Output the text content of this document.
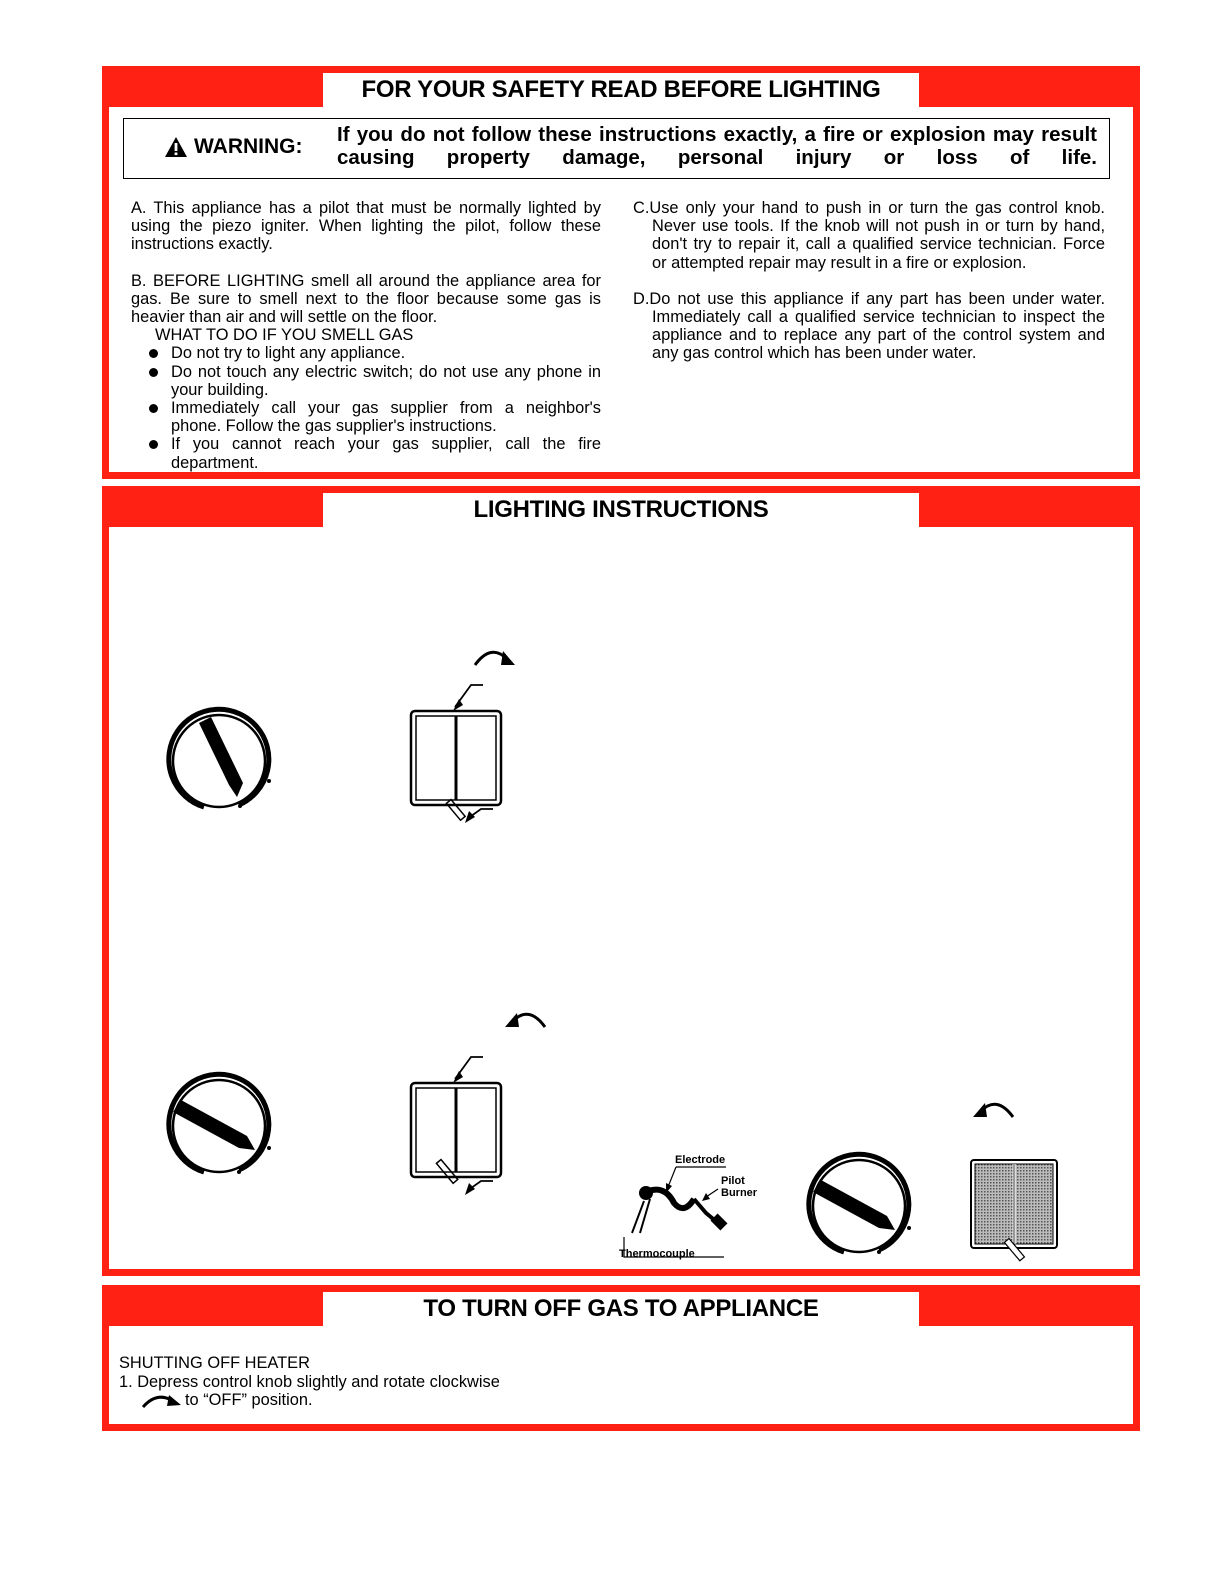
FOR YOUR SAFETY READ BEFORE LIGHTING
WARNING:
If you do not follow these instructions exactly, a fire or explosion may result causing property damage, personal injury or loss of life.

A. This appliance has a pilot that must be normally lighted by using the piezo igniter. When lighting the pilot, follow these instructions exactly.

B. BEFORE LIGHTING smell all around the appliance area for gas. Be sure to smell next to the floor because some gas is heavier than air and will settle on the floor.

WHAT TO DO IF YOU SMELL GAS

Do not try to light any appliance.
Do not touch any electric switch; do not use any phone in your building.
Immediately call your gas supplier from a neighbor's phone. Follow the gas supplier's instructions.
If you cannot reach your gas supplier, call the fire department.

C.Use only your hand to push in or turn the gas control knob. Never use tools. If the knob will not push in or turn by hand, don't try to repair it, call a qualified service technician. Force or attempted repair may result in a fire or explosion.

D.Do not use this appliance if any part has been under water. Immediately call a qualified service technician to inspect the appliance and to replace any part of the control system and any gas control which has been under water.

LIGHTING INSTRUCTIONS
Electrode
Pilot Burner
Thermocouple
TO TURN OFF GAS TO APPLIANCE
SHUTTING OFF HEATER
1. Depress control knob slightly and rotate clockwise
to “OFF” position.
